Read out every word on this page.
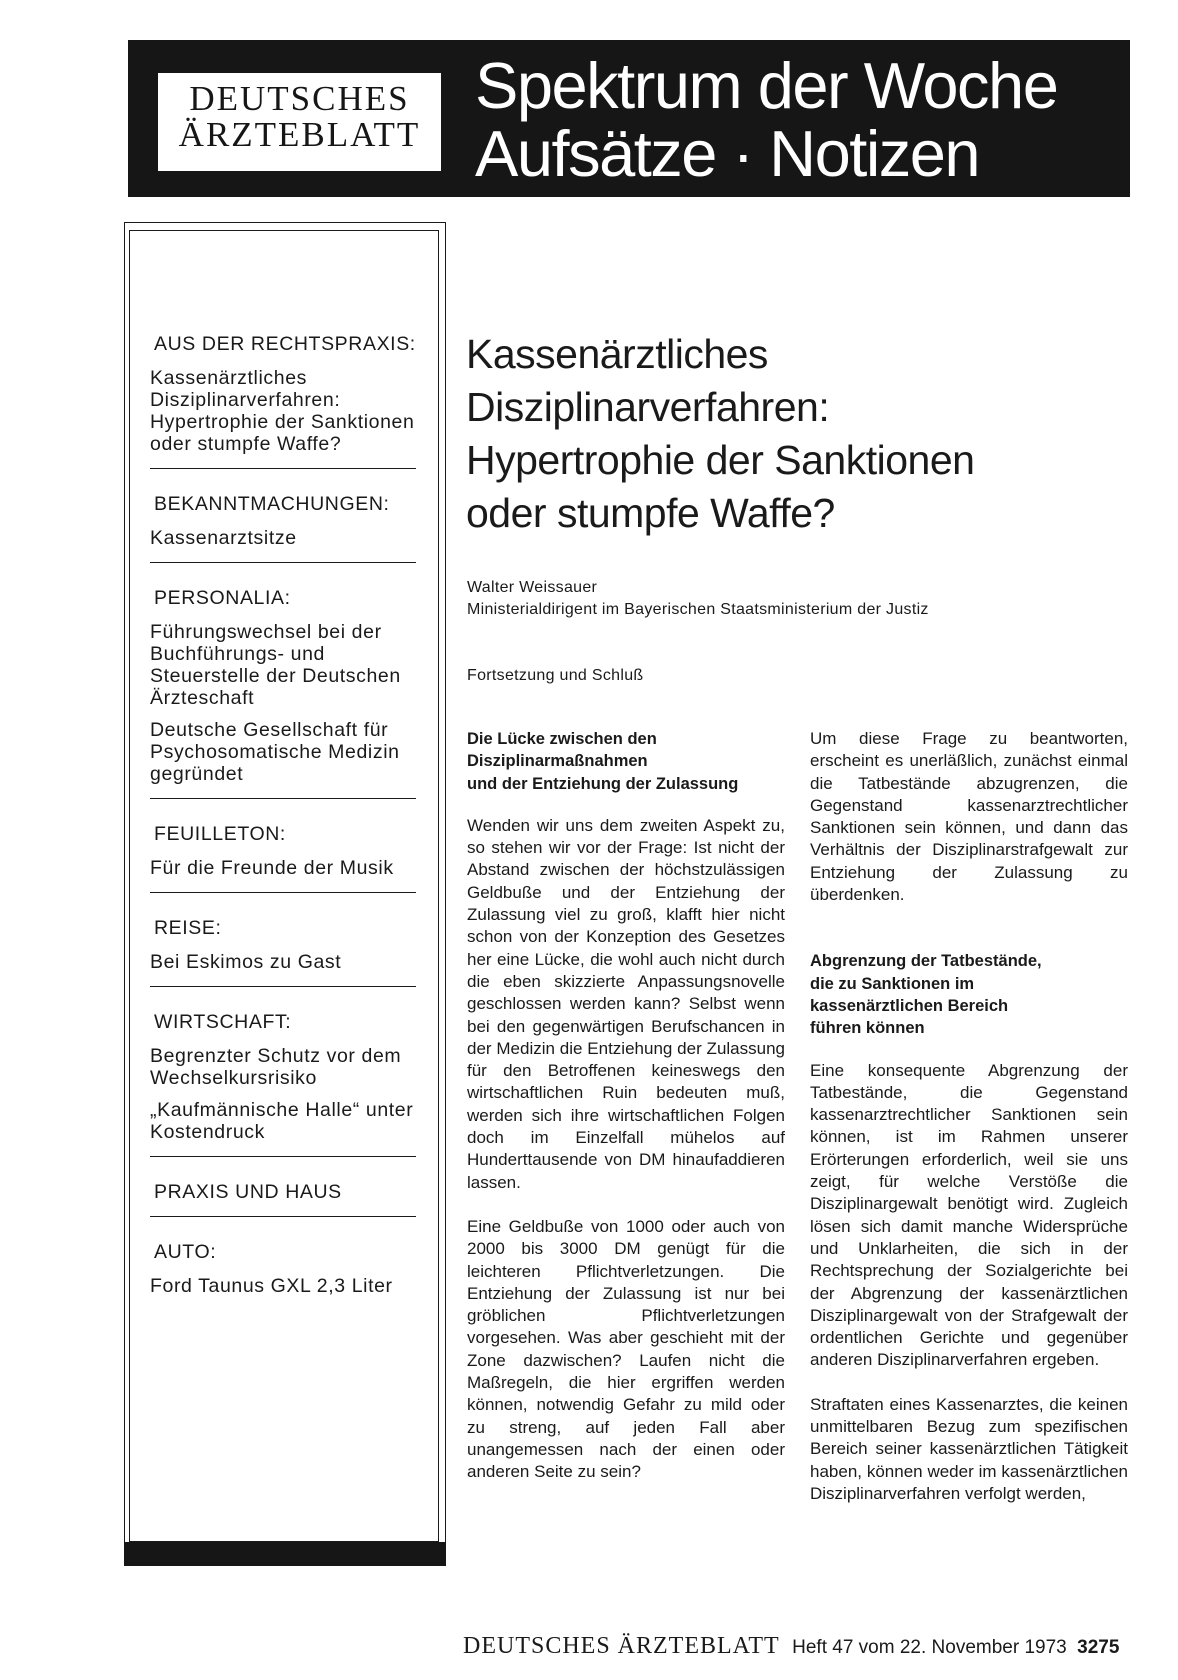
DEUTSCHES
ÄRZTEBLATT
Spektrum der Woche
Aufsätze · Notizen
AUS DER RECHTSPRAXIS:
Kassenärztliches Disziplinarverfahren: Hypertrophie der Sanktionen oder stumpfe Waffe?
BEKANNTMACHUNGEN:
Kassenarztsitze
PERSONALIA:
Führungswechsel bei der Buchführungs- und Steuerstelle der Deutschen Ärzteschaft
Deutsche Gesellschaft für Psychosomatische Medizin gegründet
FEUILLETON:
Für die Freunde der Musik
REISE:
Bei Eskimos zu Gast
WIRTSCHAFT:
Begrenzter Schutz vor dem Wechselkursrisiko
„Kaufmännische Halle“ unter Kostendruck
PRAXIS UND HAUS
AUTO:
Ford Taunus GXL 2,3 Liter
Kassenärztliches
Disziplinarverfahren:
Hypertrophie der Sanktionen
oder stumpfe Waffe?
Walter Weissauer
Ministerialdirigent im Bayerischen Staatsministerium der Justiz
Fortsetzung und Schluß
Die Lücke zwischen den
Disziplinarmaßnahmen
und der Entziehung der Zulassung

Wenden wir uns dem zweiten Aspekt zu, so stehen wir vor der Frage: Ist nicht der Abstand zwischen der höchstzulässigen Geldbuße und der Entziehung der Zulassung viel zu groß, klafft hier nicht schon von der Konzeption des Gesetzes her eine Lücke, die wohl auch nicht durch die eben skizzierte Anpassungsnovelle geschlossen werden kann? Selbst wenn bei den gegenwärtigen Berufschancen in der Medizin die Entziehung der Zulassung für den Betroffenen keineswegs den wirtschaftlichen Ruin bedeuten muß, werden sich ihre wirtschaftlichen Folgen doch im Einzelfall mühelos auf Hunderttausende von DM hinaufaddieren lassen.

Eine Geldbuße von 1000 oder auch von 2000 bis 3000 DM genügt für die leichteren Pflichtverletzungen. Die Entziehung der Zulassung ist nur bei gröblichen Pflichtverletzungen vorgesehen. Was aber geschieht mit der Zone dazwischen? Laufen nicht die Maßregeln, die hier ergriffen werden können, notwendig Gefahr zu mild oder zu streng, auf jeden Fall aber unangemessen nach der einen oder anderen Seite zu sein?

Um diese Frage zu beantworten, erscheint es unerläßlich, zunächst einmal die Tatbestände abzugrenzen, die Gegenstand kassenarztrechtlicher Sanktionen sein können, und dann das Verhältnis der Disziplinarstrafgewalt zur Entziehung der Zulassung zu überdenken.

Abgrenzung der Tatbestände,
die zu Sanktionen im
kassenärztlichen Bereich
führen können

Eine konsequente Abgrenzung der Tatbestände, die Gegenstand kassenarztrechtlicher Sanktionen sein können, ist im Rahmen unserer Erörterungen erforderlich, weil sie uns zeigt, für welche Verstöße die Disziplinargewalt benötigt wird. Zugleich lösen sich damit manche Widersprüche und Unklarheiten, die sich in der Rechtsprechung der Sozialgerichte bei der Abgrenzung der kassenärztlichen Disziplinargewalt von der Strafgewalt der ordentlichen Gerichte und gegenüber anderen Disziplinarverfahren ergeben.

Straftaten eines Kassenarztes, die keinen unmittelbaren Bezug zum spezifischen Bereich seiner kassenärztlichen Tätigkeit haben, können weder im kassenärztlichen Disziplinarverfahren verfolgt werden,

DEUTSCHES ÄRZTEBLATT Heft 47 vom 22. November 1973 3275
